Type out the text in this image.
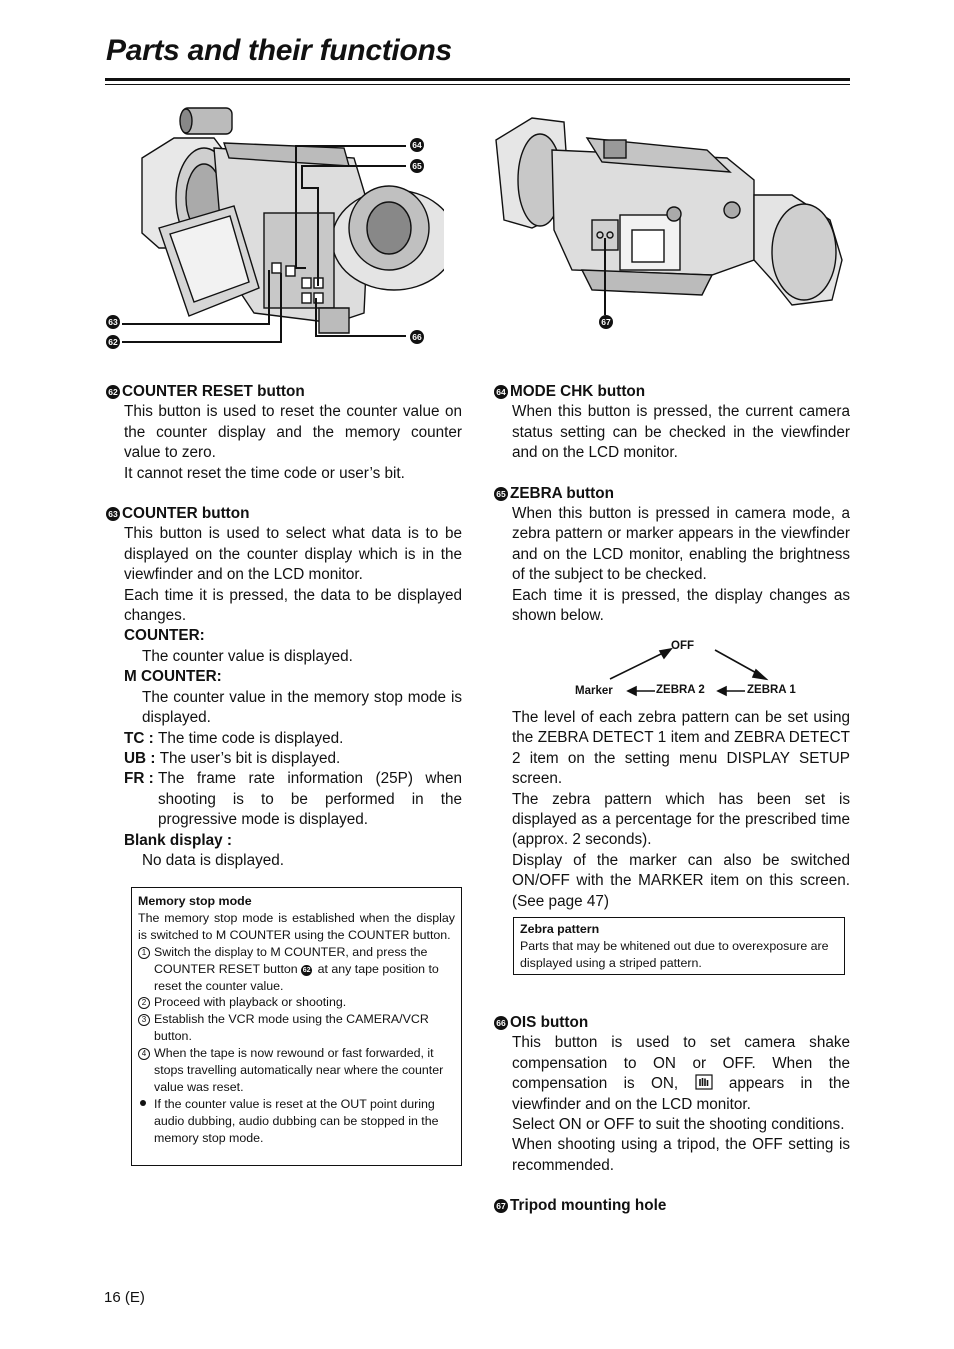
Parts and their functions
64
65
63
62	66
67

62 COUNTER RESET button

This button is used to reset the counter value on the counter display and the memory counter value to zero.

It cannot reset the time code or user’s bit.

63 COUNTER button

This button is used to select what data is to be displayed on the counter display which is in the viewfinder and on the LCD monitor.

Each time it is pressed, the data to be displayed changes.

COUNTER:

The counter value is displayed.

M COUNTER:

The counter value in the memory stop mode is displayed.

TC : The time code is displayed.
UB : The user’s bit is displayed.
FR : The frame rate information (25P) when shooting is to be performed in the progressive mode is displayed.

Blank display :

No data is displayed.

Memory stop mode
The memory stop mode is established when the display is switched to M COUNTER using the COUNTER button.
1 Switch the display to M COUNTER, and press the COUNTER RESET button 62 at any tape position to reset the counter value.
2 Proceed with playback or shooting.
3 Establish the VCR mode using the CAMERA/VCR button.
4 When the tape is now rewound or fast forwarded, it stops travelling automatically near where the counter value was reset.
If the counter value is reset at the OUT point during audio dubbing, audio dubbing can be stopped in the memory stop mode.

64 MODE CHK button

When this button is pressed, the current camera status setting can be checked in the viewfinder and on the LCD monitor.

65 ZEBRA button

When this button is pressed in camera mode, a zebra pattern or marker appears in the viewfinder and on the LCD monitor, enabling the brightness of the subject to be checked.

Each time it is pressed, the display changes as shown below.

OFF
ZEBRA 1
ZEBRA 2
Marker

The level of each zebra pattern can be set using the ZEBRA DETECT 1 item and ZEBRA DETECT 2 item on the setting menu DISPLAY SETUP screen.

The zebra pattern which has been set is displayed as a percentage for the prescribed time (approx. 2 seconds).

Display of the marker can also be switched ON/OFF with the MARKER item on this screen. (See page 47)

Zebra pattern
Parts that may be whitened out due to overexposure are displayed using a striped pattern.

66 OIS button

This button is used to set camera shake compensation to ON or OFF. When the compensation is ON,  appears in the viewfinder and on the LCD monitor.

Select ON or OFF to suit the shooting conditions.

When shooting using a tripod, the OFF setting is recommended.

67 Tripod mounting hole

16 (E)
